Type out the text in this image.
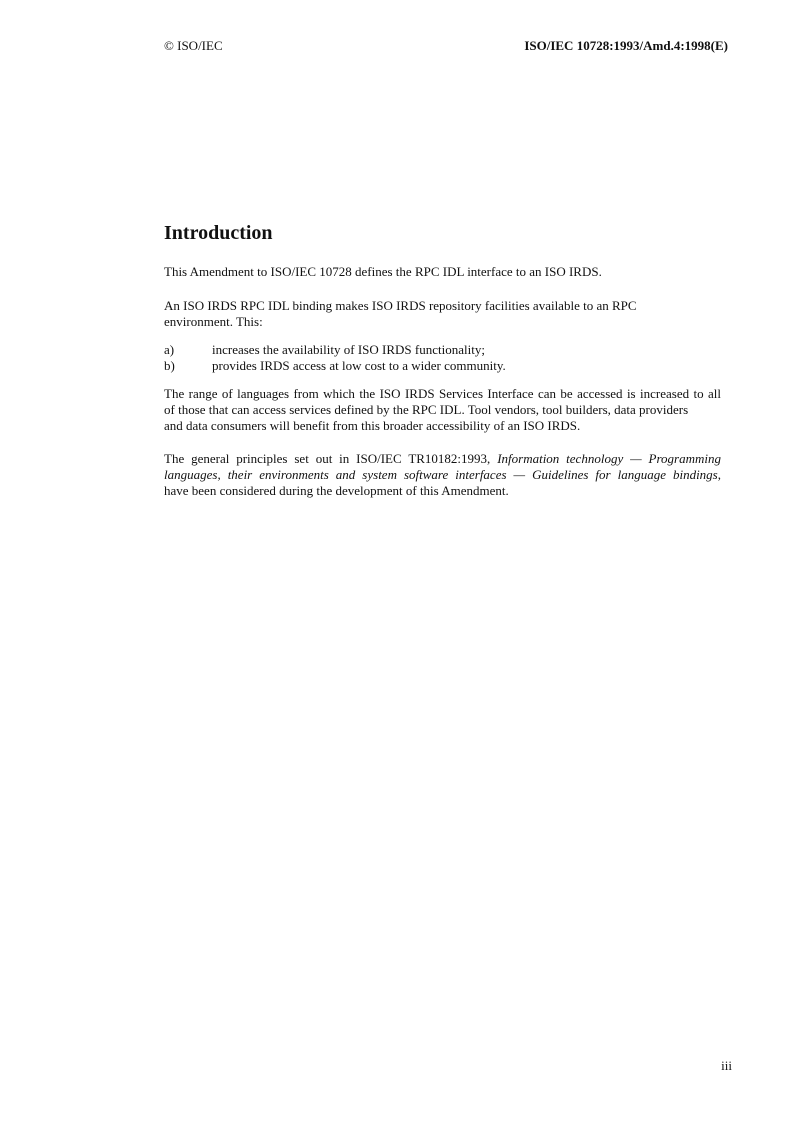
© ISO/IEC	ISO/IEC 10728:1993/Amd.4:1998(E)
Introduction
This Amendment to ISO/IEC 10728 defines the RPC IDL interface to an ISO IRDS.
An ISO IRDS RPC IDL binding makes ISO IRDS repository facilities available to an RPC
environment. This:
a)	increases the availability of ISO IRDS functionality;
b)	provides IRDS access at low cost to a wider community.
The range of languages from which the ISO IRDS Services Interface can be accessed is increased to all
of those that can access services defined by the RPC IDL. Tool vendors, tool builders, data providers
and data consumers will benefit from this broader accessibility of an ISO IRDS.
The general principles set out in ISO/IEC TR10182:1993, Information technology — Programming
languages, their environments and system software interfaces — Guidelines for language bindings,
have been considered during the development of this Amendment.
iii
